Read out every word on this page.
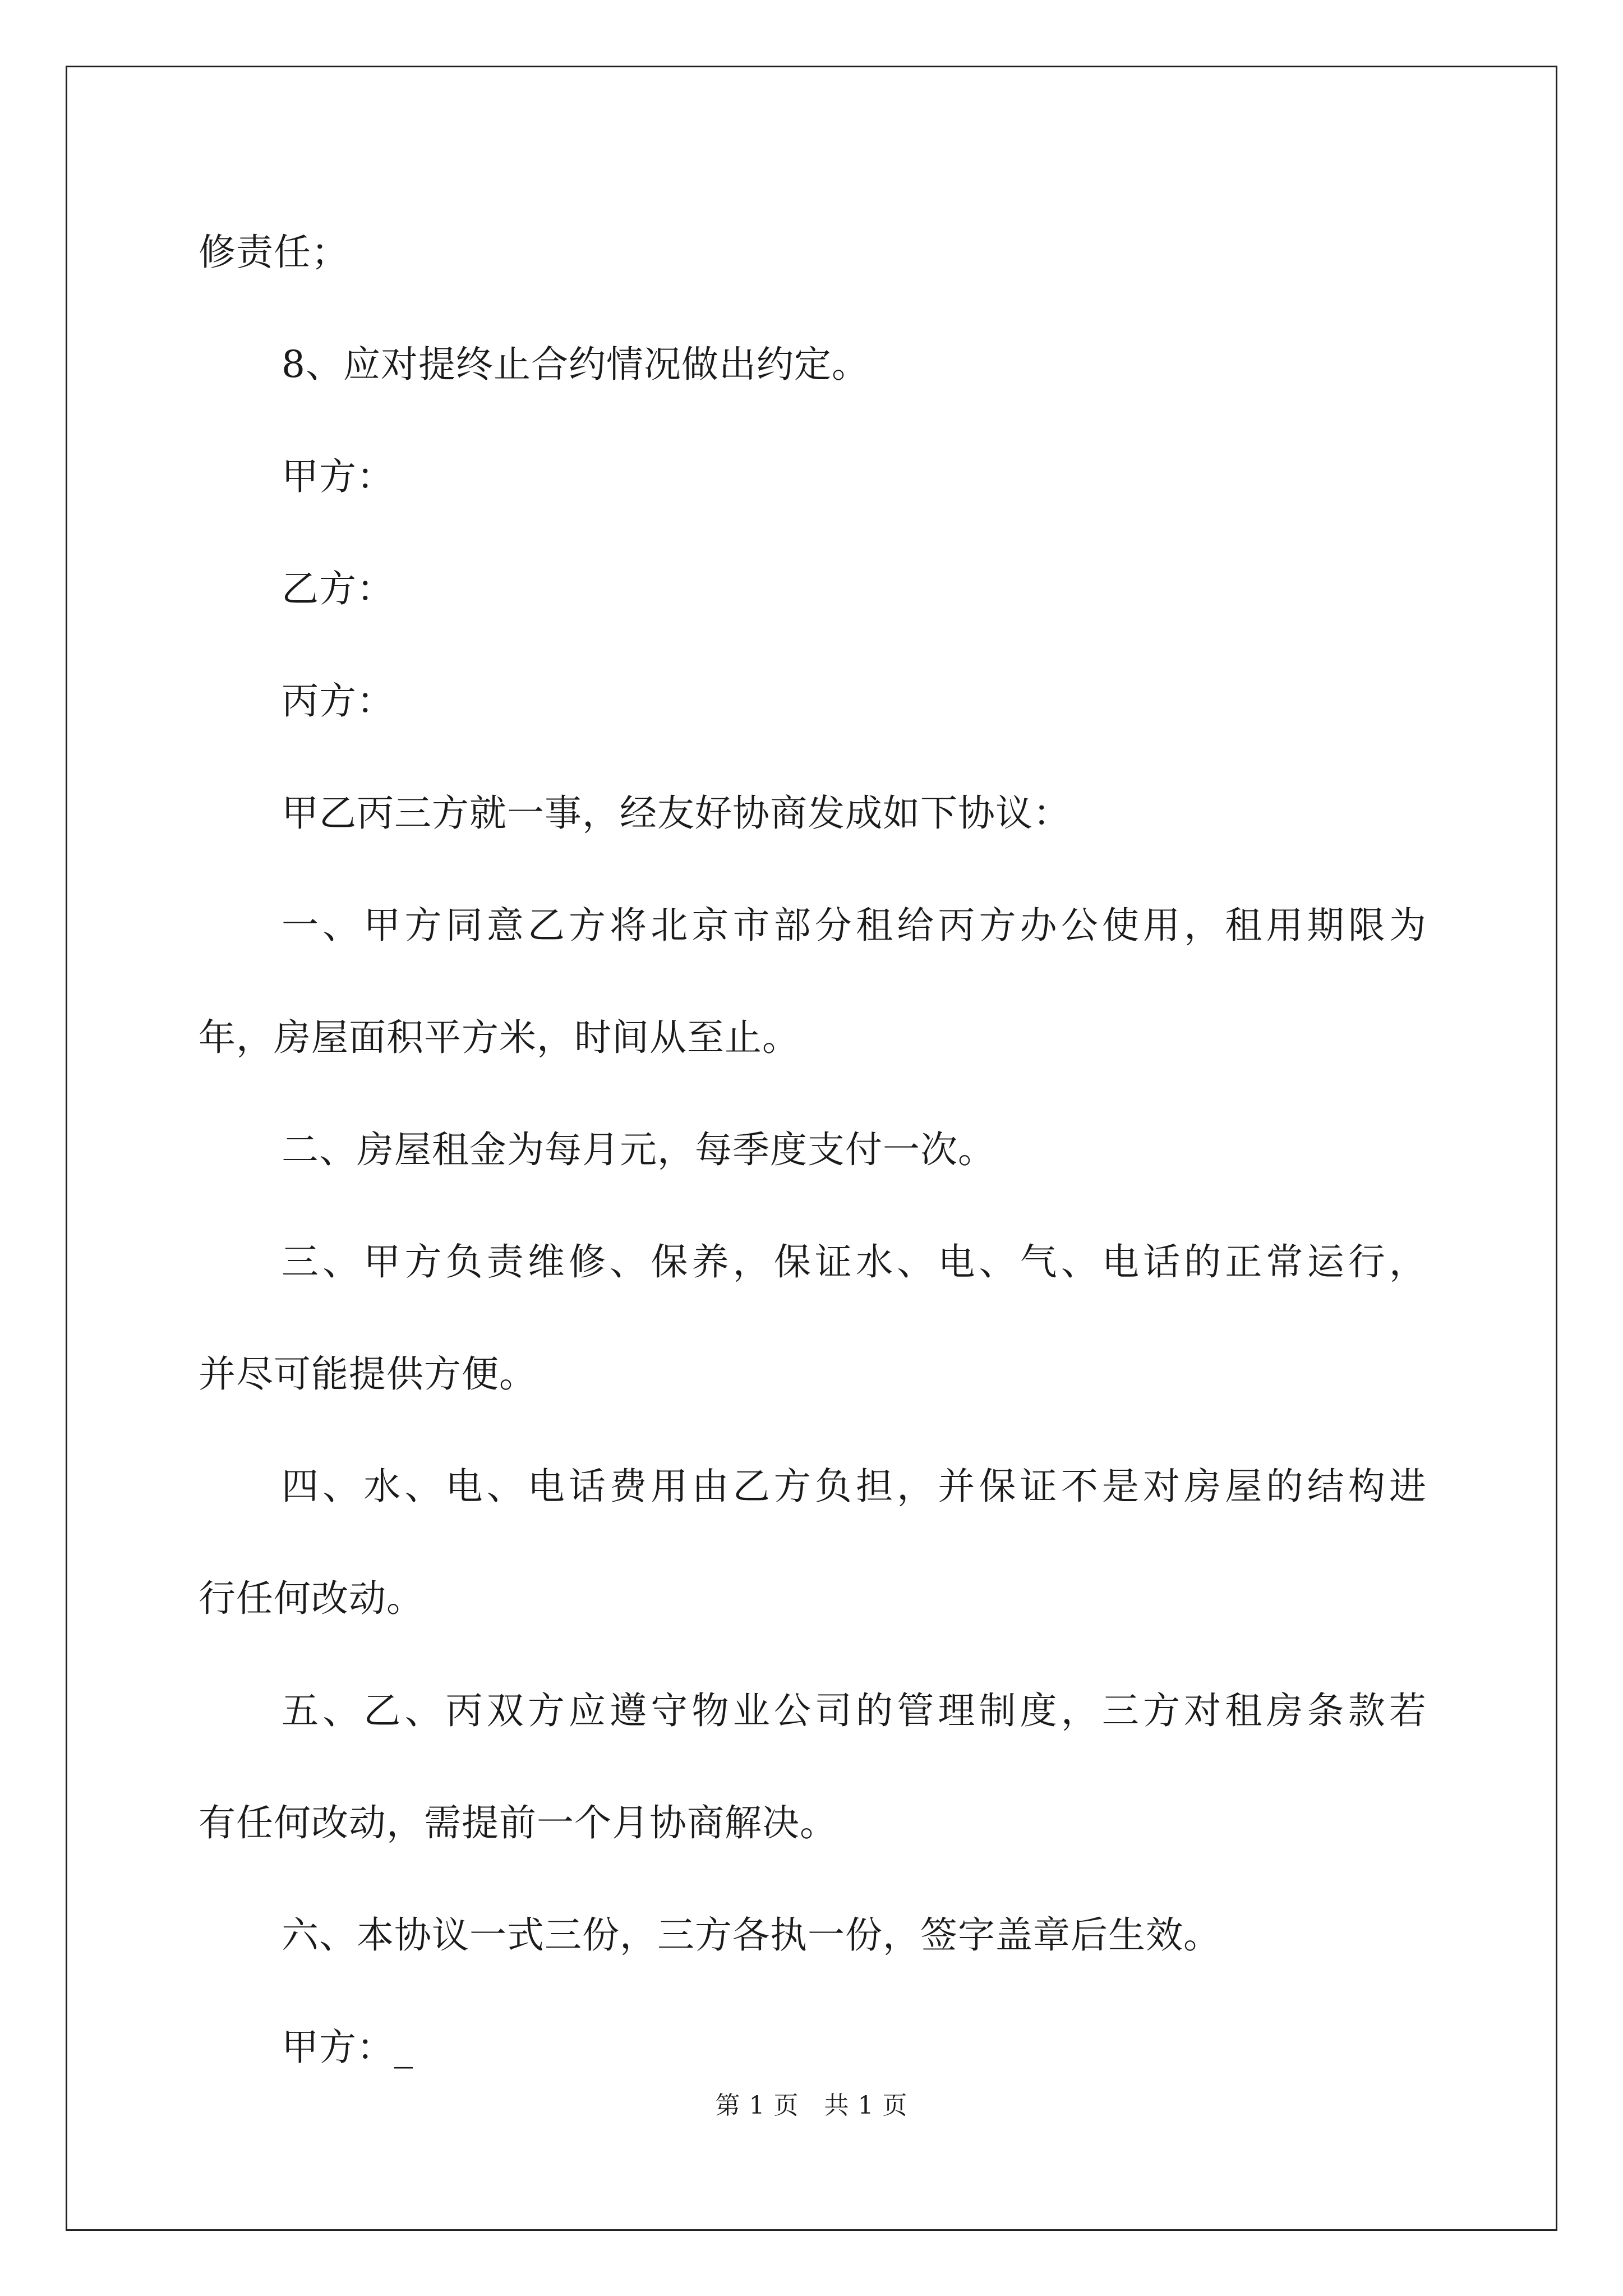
修责任；
8、应对提终止合约情况做出约定。
甲方：
乙方：
丙方：
甲乙丙三方就一事，经友好协商发成如下协议：
一、甲方同意乙方将北京市部分租给丙方办公使用，租用期限为
年，房屋面积平方米，时间从至止。
二、房屋租金为每月元，每季度支付一次。
三、甲方负责维修、保养，保证水、电、气、电话的正常运行，
并尽可能提供方便。
四、水、电、电话费用由乙方负担，并保证不是对房屋的结构进
行任何改动。
五、乙、丙双方应遵守物业公司的管理制度，三方对租房条款若
有任何改动，需提前一个月协商解决。
六、本协议一式三份，三方各执一份，签字盖章后生效。
甲方：_
第 1 页　共 1 页
